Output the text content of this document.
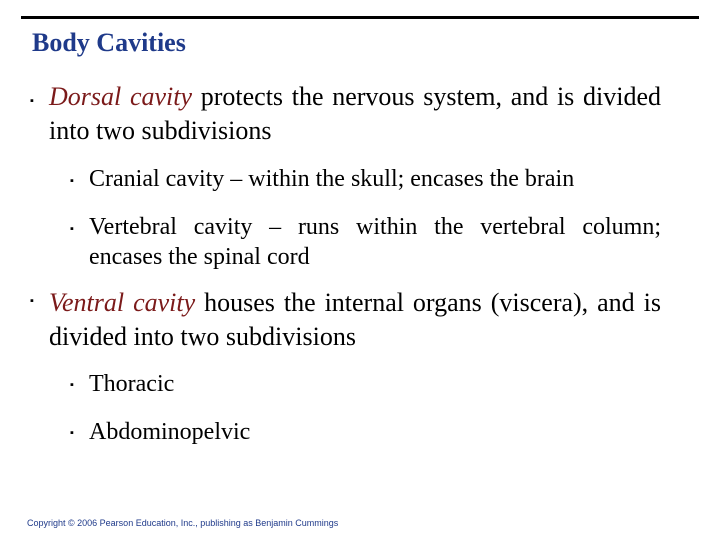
Body Cavities
▪ Dorsal cavity protects the nervous system, and is divided into two subdivisions
▪ Cranial cavity – within the skull; encases the brain
▪ Vertebral cavity – runs within the vertebral column; encases the spinal cord
▪ Ventral cavity houses the internal organs (viscera), and is divided into two subdivisions
▪ Thoracic
▪ Abdominopelvic
Copyright © 2006 Pearson Education, Inc., publishing as Benjamin Cummings
